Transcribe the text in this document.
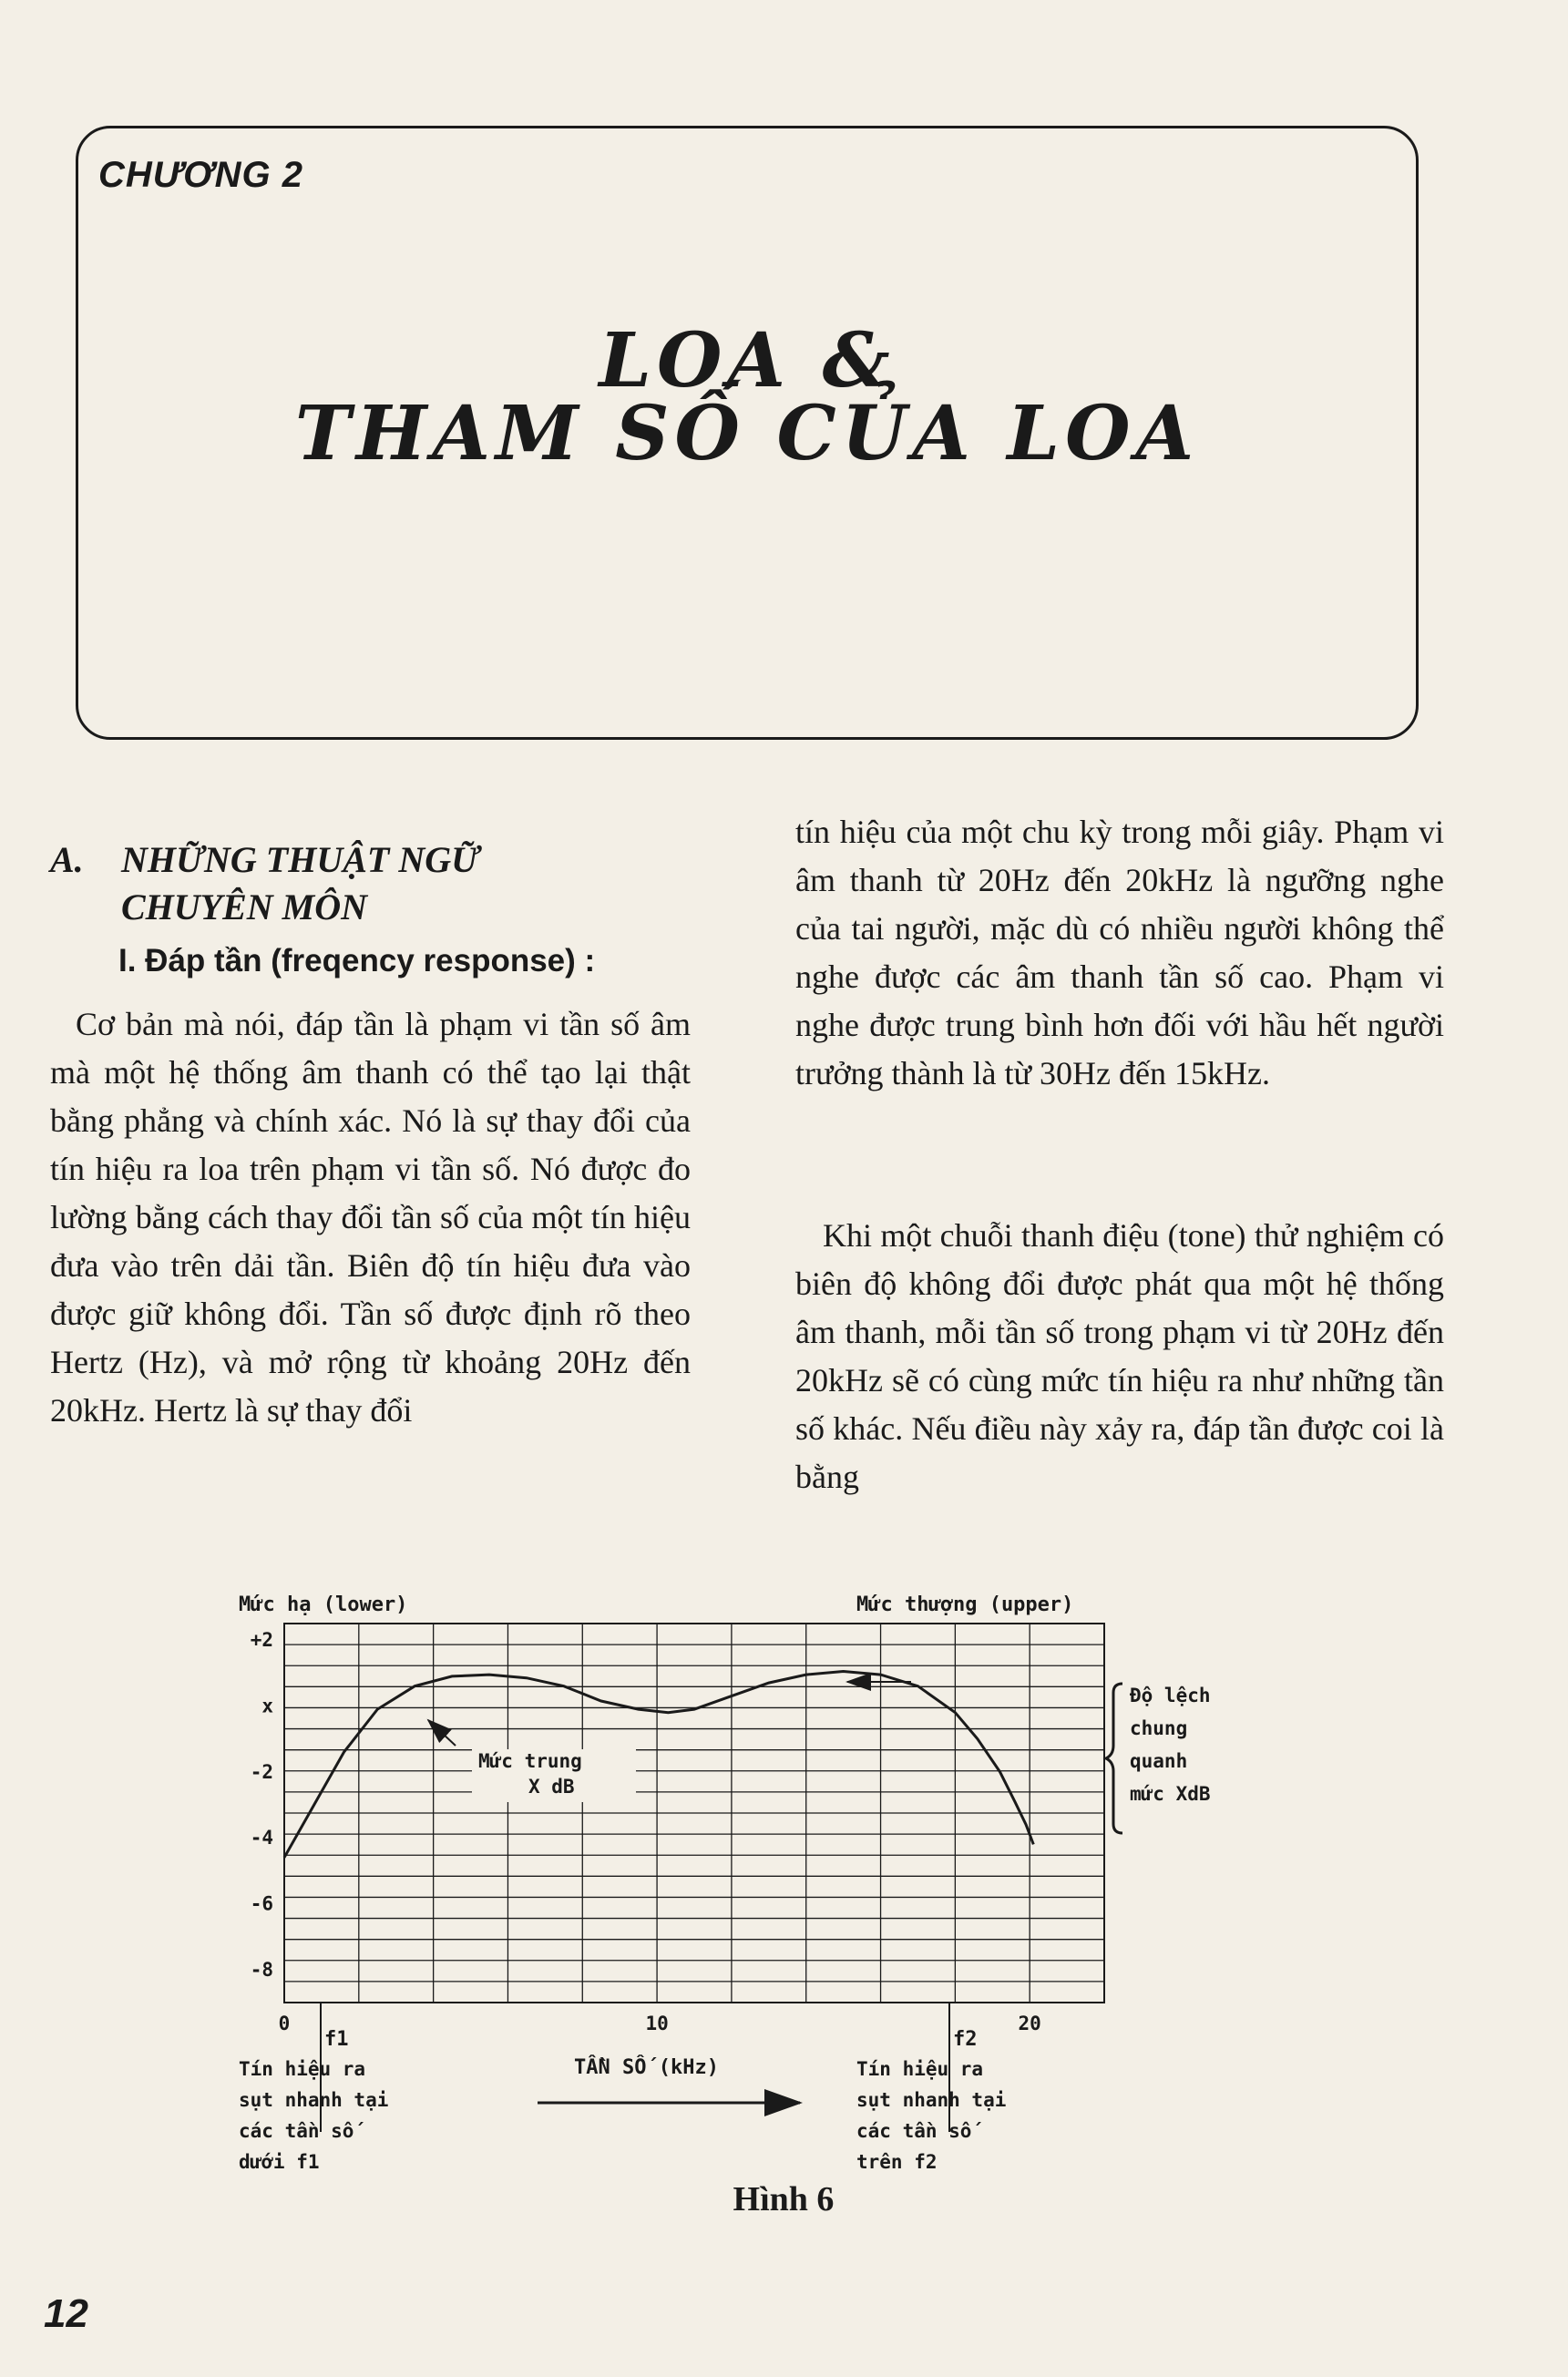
CHƯƠNG 2
LOA &
THAM SỐ CỦA LOA
A. NHỮNG THUẬT NGỮ
CHUYÊN MÔN
I. Đáp tần (freqency response) :
Cơ bản mà nói, đáp tần là phạm vi tần số âm mà một hệ thống âm thanh có thể tạo lại thật bằng phẳng và chính xác. Nó là sự thay đổi của tín hiệu ra loa trên phạm vi tần số. Nó được đo lường bằng cách thay đổi tần số của một tín hiệu đưa vào trên dải tần. Biên độ tín hiệu đưa vào được giữ không đổi. Tần số được định rõ theo Hertz (Hz), và mở rộng từ khoảng 20Hz đến 20kHz. Hertz là sự thay đổi
tín hiệu của một chu kỳ trong mỗi giây. Phạm vi âm thanh từ 20Hz đến 20kHz là ngưỡng nghe của tai người, mặc dù có nhiều người không thể nghe được các âm thanh tần số cao. Phạm vi nghe được trung bình hơn đối với hầu hết người trưởng thành là từ 30Hz đến 15kHz.
Khi một chuỗi thanh điệu (tone) thử nghiệm có biên độ không đổi được phát qua một hệ thống âm thanh, mỗi tần số trong phạm vi từ 20Hz đến 20kHz sẽ có cùng mức tín hiệu ra như những tần số khác. Nếu điều này xảy ra, đáp tần được coi là bằng
Mức hạ (lower)	Mức thượng (upper)
+2
x
-2
-4
-6
-8
0	10	20
f1	f2
Mức trung
X dB
Độ lệch
chung
quanh
mức XdB
TẦN SỐ (kHz)
Tín hiệu ra
sụt nhanh tại
các tần số
dưới f1
Tín hiệu ra
sụt nhanh tại
các tần số
trên f2
Hình 6
12
